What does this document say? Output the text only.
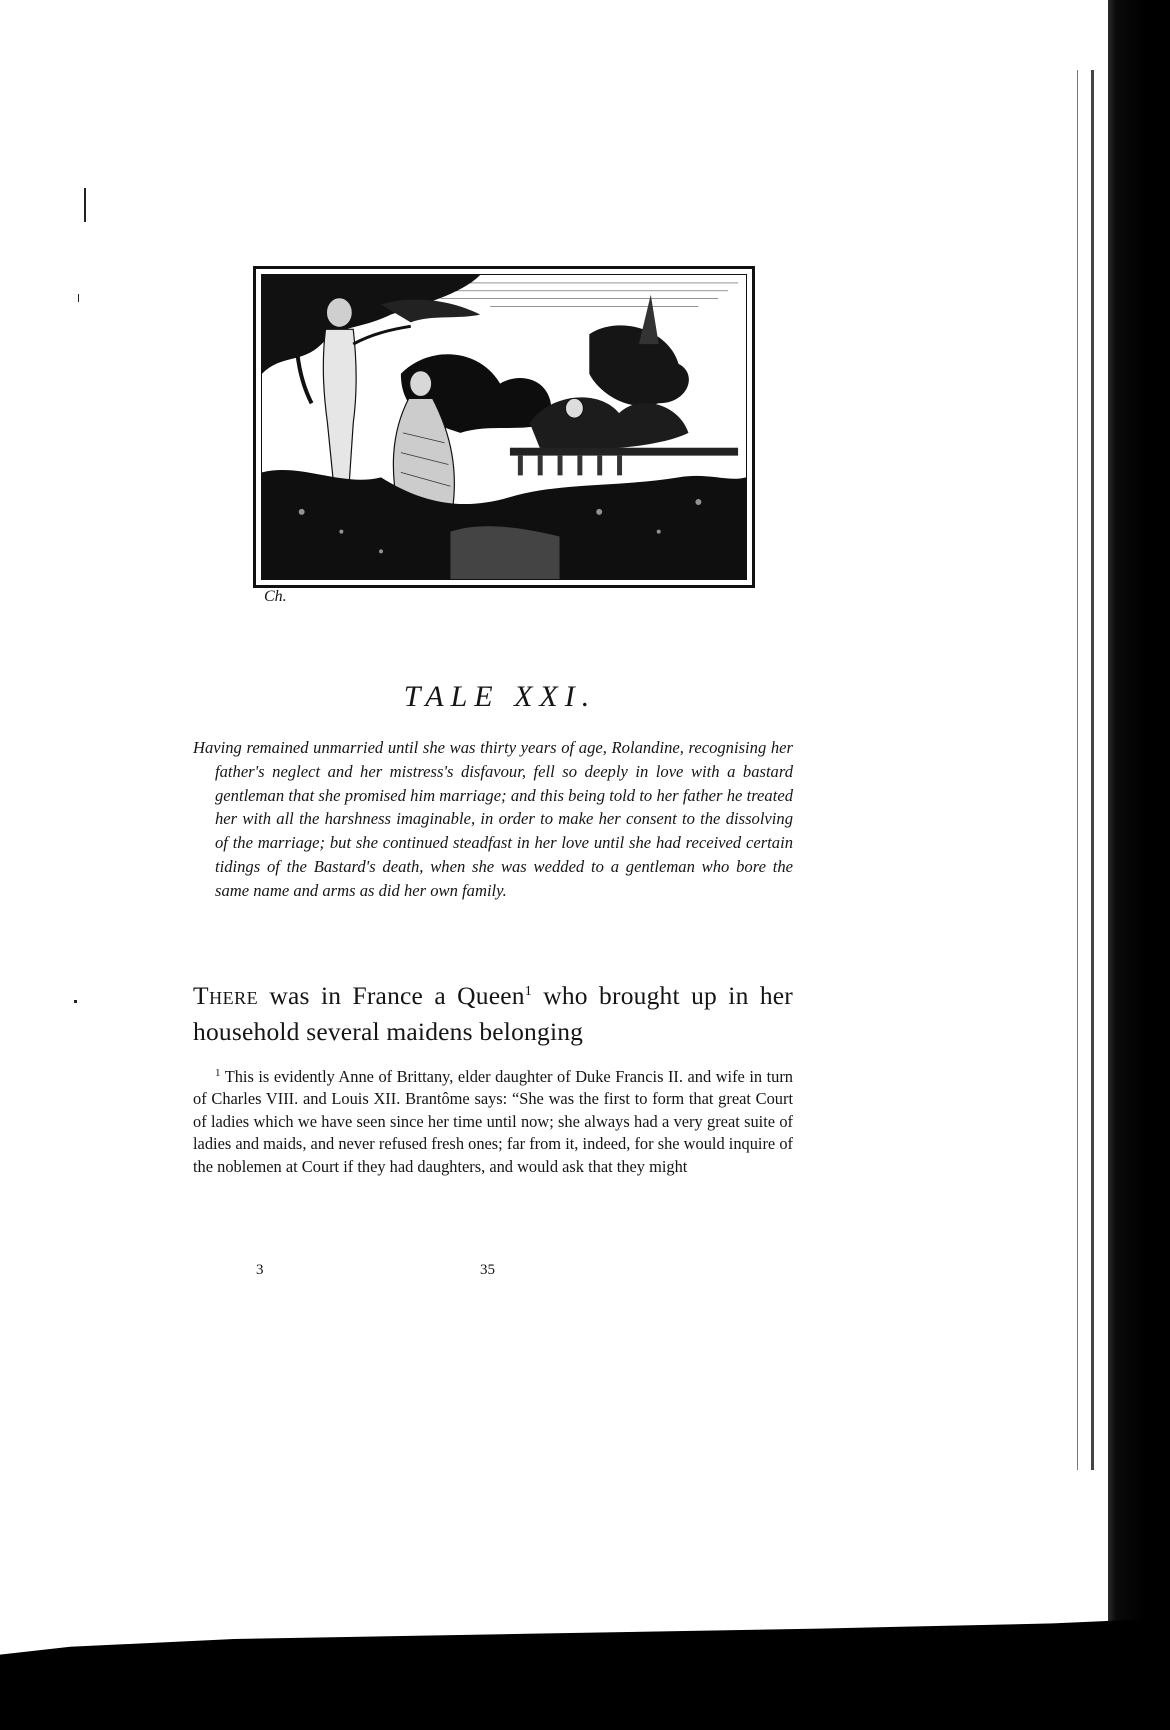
Ch.
TALE XXI.
Having remained unmarried until she was thirty years of age, Rolandine, recognising her father's neglect and her mistress's disfavour, fell so deeply in love with a bastard gentleman that she promised him marriage; and this being told to her father he treated her with all the harshness imaginable, in order to make her consent to the dissolving of the marriage; but she continued steadfast in her love until she had received certain tidings of the Bastard's death, when she was wedded to a gentleman who bore the same name and arms as did her own family.
There was in France a Queen$^1$ who brought up in her household several maidens belonging
$^1$ This is evidently Anne of Brittany, elder daughter of Duke Francis II. and wife in turn of Charles VIII. and Louis XII. Brantôme says: “She was the first to form that great Court of ladies which we have seen since her time until now; she always had a very great suite of ladies and maids, and never refused fresh ones; far from it, indeed, for she would inquire of the noblemen at Court if they had daughters, and would ask that they might
3	35
